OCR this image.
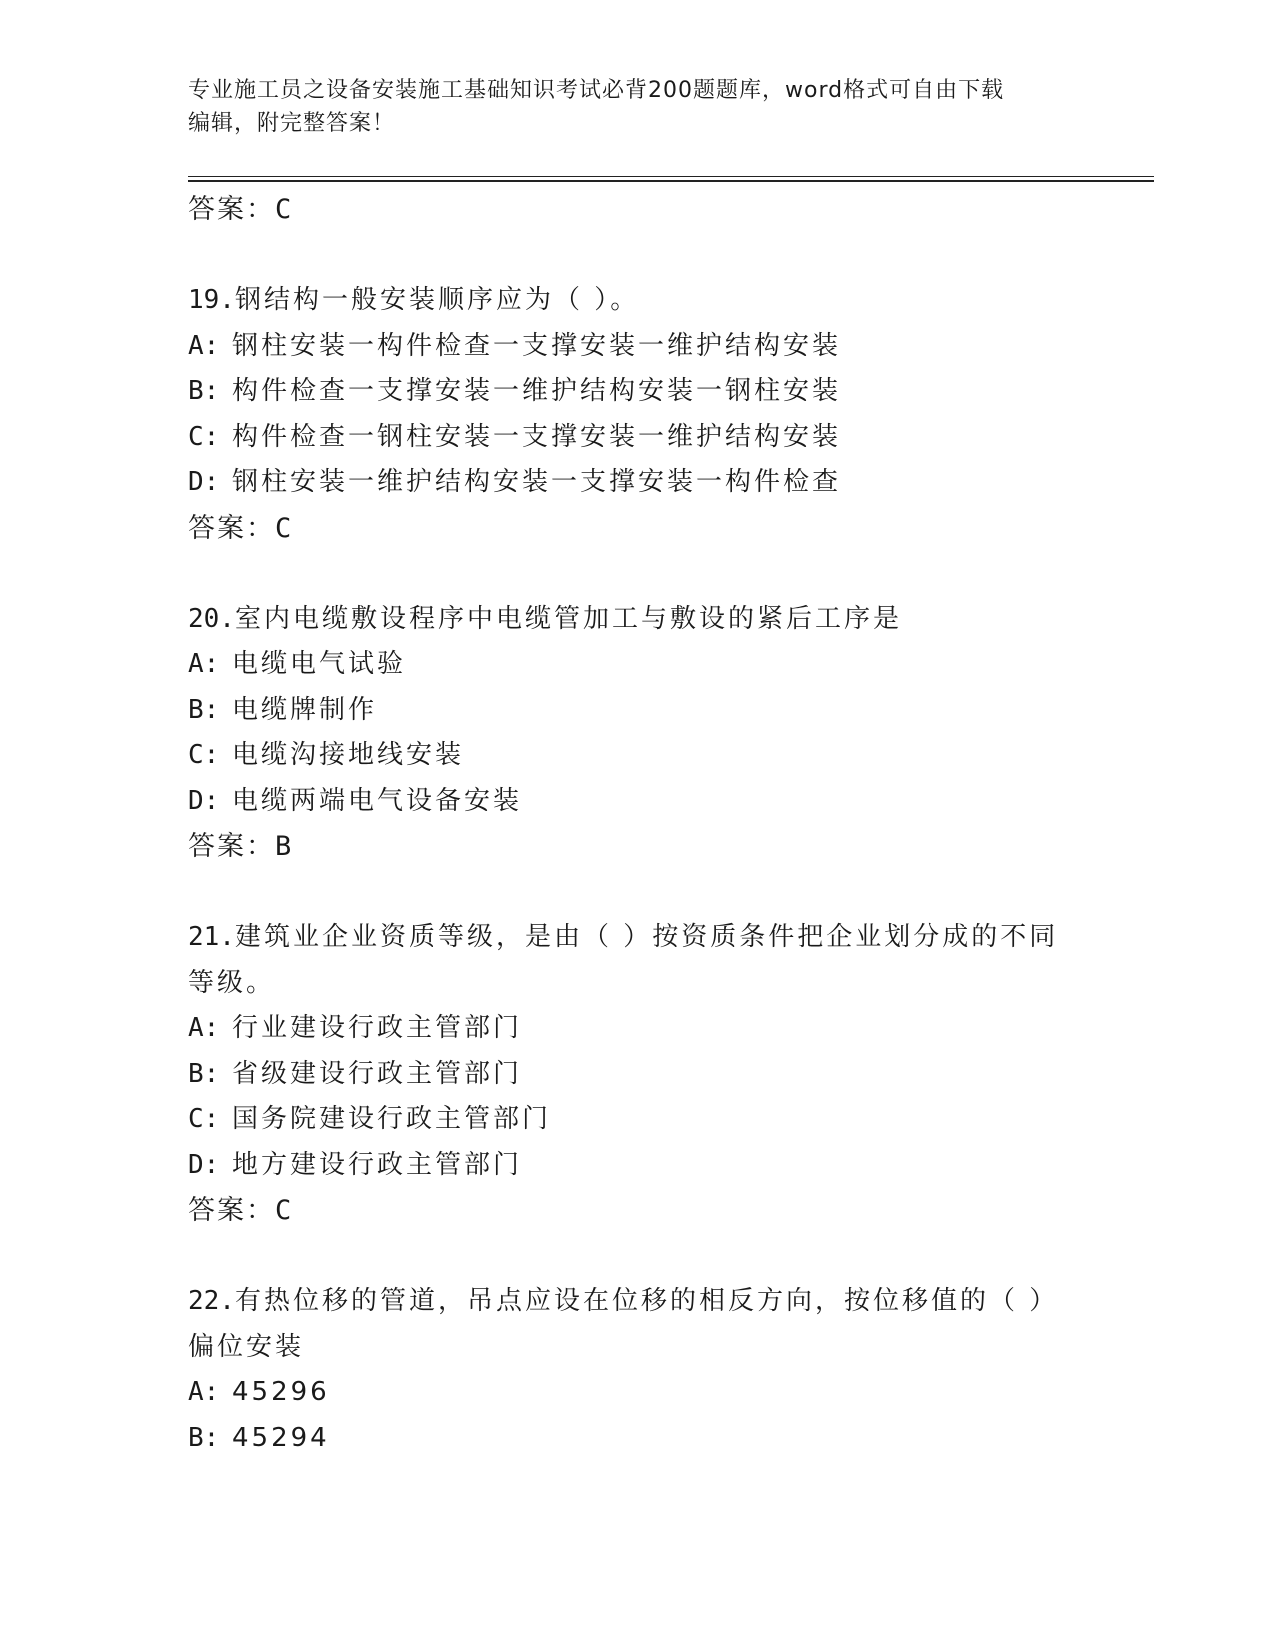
专业施工员之设备安装施工基础知识考试必背200题题库，word格式可自由下载
编辑，附完整答案！
答案：C
19.钢结构一般安装顺序应为（ ）。
A: 钢柱安装一构件检查一支撑安装一维护结构安装
B: 构件检查一支撑安装一维护结构安装一钢柱安装
C: 构件检查一钢柱安装一支撑安装一维护结构安装
D: 钢柱安装一维护结构安装一支撑安装一构件检查
答案：C
20.室内电缆敷设程序中电缆管加工与敷设的紧后工序是
A: 电缆电气试验
B: 电缆牌制作
C: 电缆沟接地线安装
D: 电缆两端电气设备安装
答案：B
21.建筑业企业资质等级，是由（ ）按资质条件把企业划分成的不同等级。
A: 行业建设行政主管部门
B: 省级建设行政主管部门
C: 国务院建设行政主管部门
D: 地方建设行政主管部门
答案：C
22.有热位移的管道，吊点应设在位移的相反方向，按位移值的（ ）偏位安装
A: 45296
B: 45294
